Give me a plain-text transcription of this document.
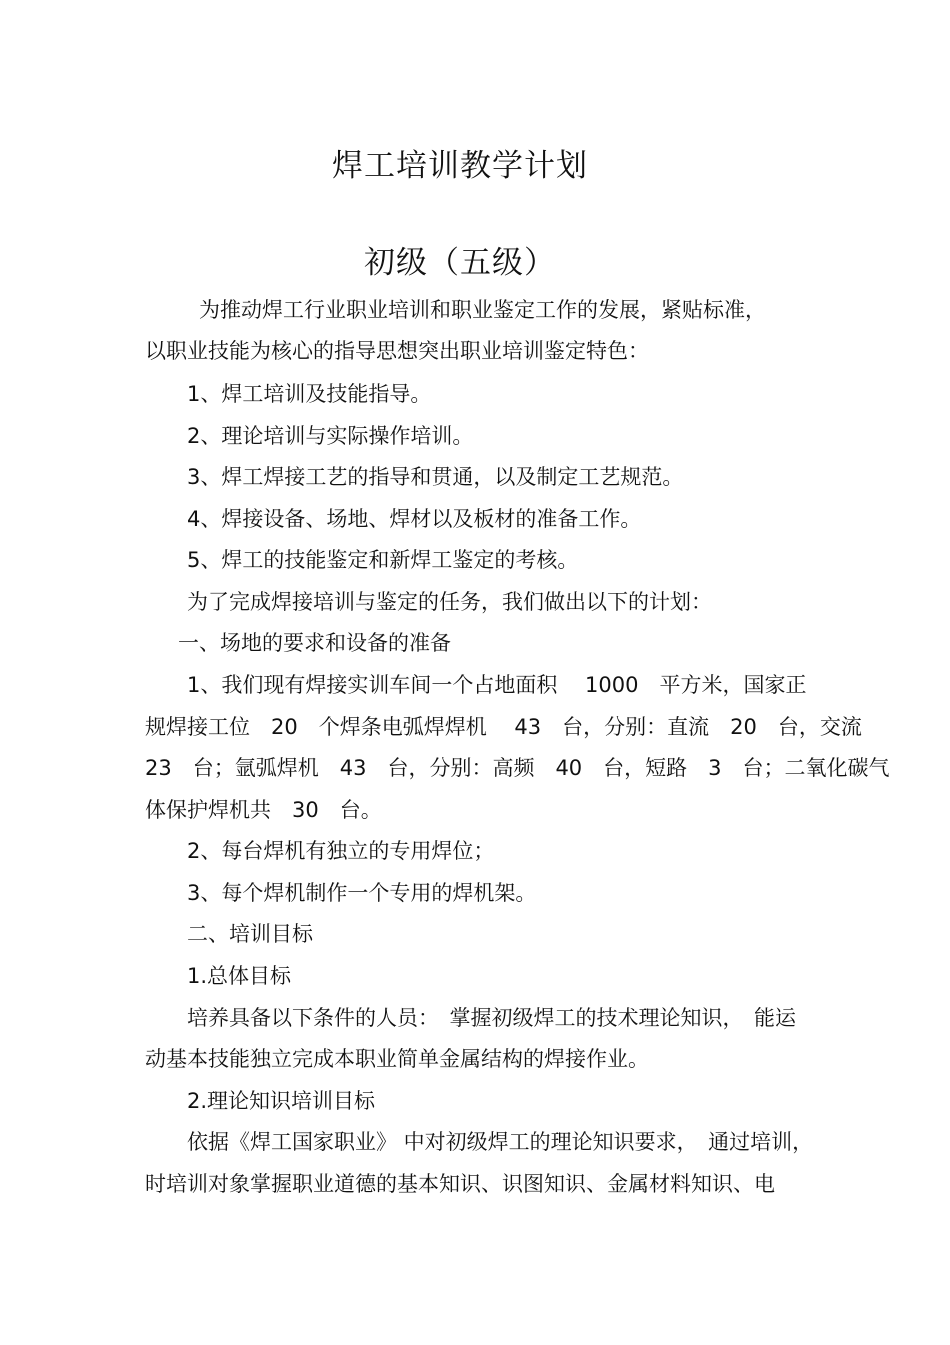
焊工培训教学计划
初级（五级）

为推动焊工行业职业培训和职业鉴定工作的发展，紧贴标准，

以职业技能为核心的指导思想突出职业培训鉴定特色：

1、焊工培训及技能指导。

2、理论培训与实际操作培训。

3、焊工焊接工艺的指导和贯通，以及制定工艺规范。

4、焊接设备、场地、焊材以及板材的准备工作。

5、焊工的技能鉴定和新焊工鉴定的考核。

为了完成焊接培训与鉴定的任务，我们做出以下的计划：

一、场地的要求和设备的准备

1、我们现有焊接实训车间一个占地面积　 1000　平方米，国家正

规焊接工位　20　个焊条电弧焊焊机　 43　台，分别：直流　20　台，交流

23　台；氩弧焊机　43　台，分别：高频　40　台，短路　3　台；二氧化碳气

体保护焊机共　30　台。

2、每台焊机有独立的专用焊位；

3、每个焊机制作一个专用的焊机架。

二、培训目标

1.总体目标

培养具备以下条件的人员：　掌握初级焊工的技术理论知识，　能运

动基本技能独立完成本职业简单金属结构的焊接作业。

2.理论知识培训目标

依据《焊工国家职业》 中对初级焊工的理论知识要求，　通过培训，

时培训对象掌握职业道德的基本知识、识图知识、金属材料知识、电
